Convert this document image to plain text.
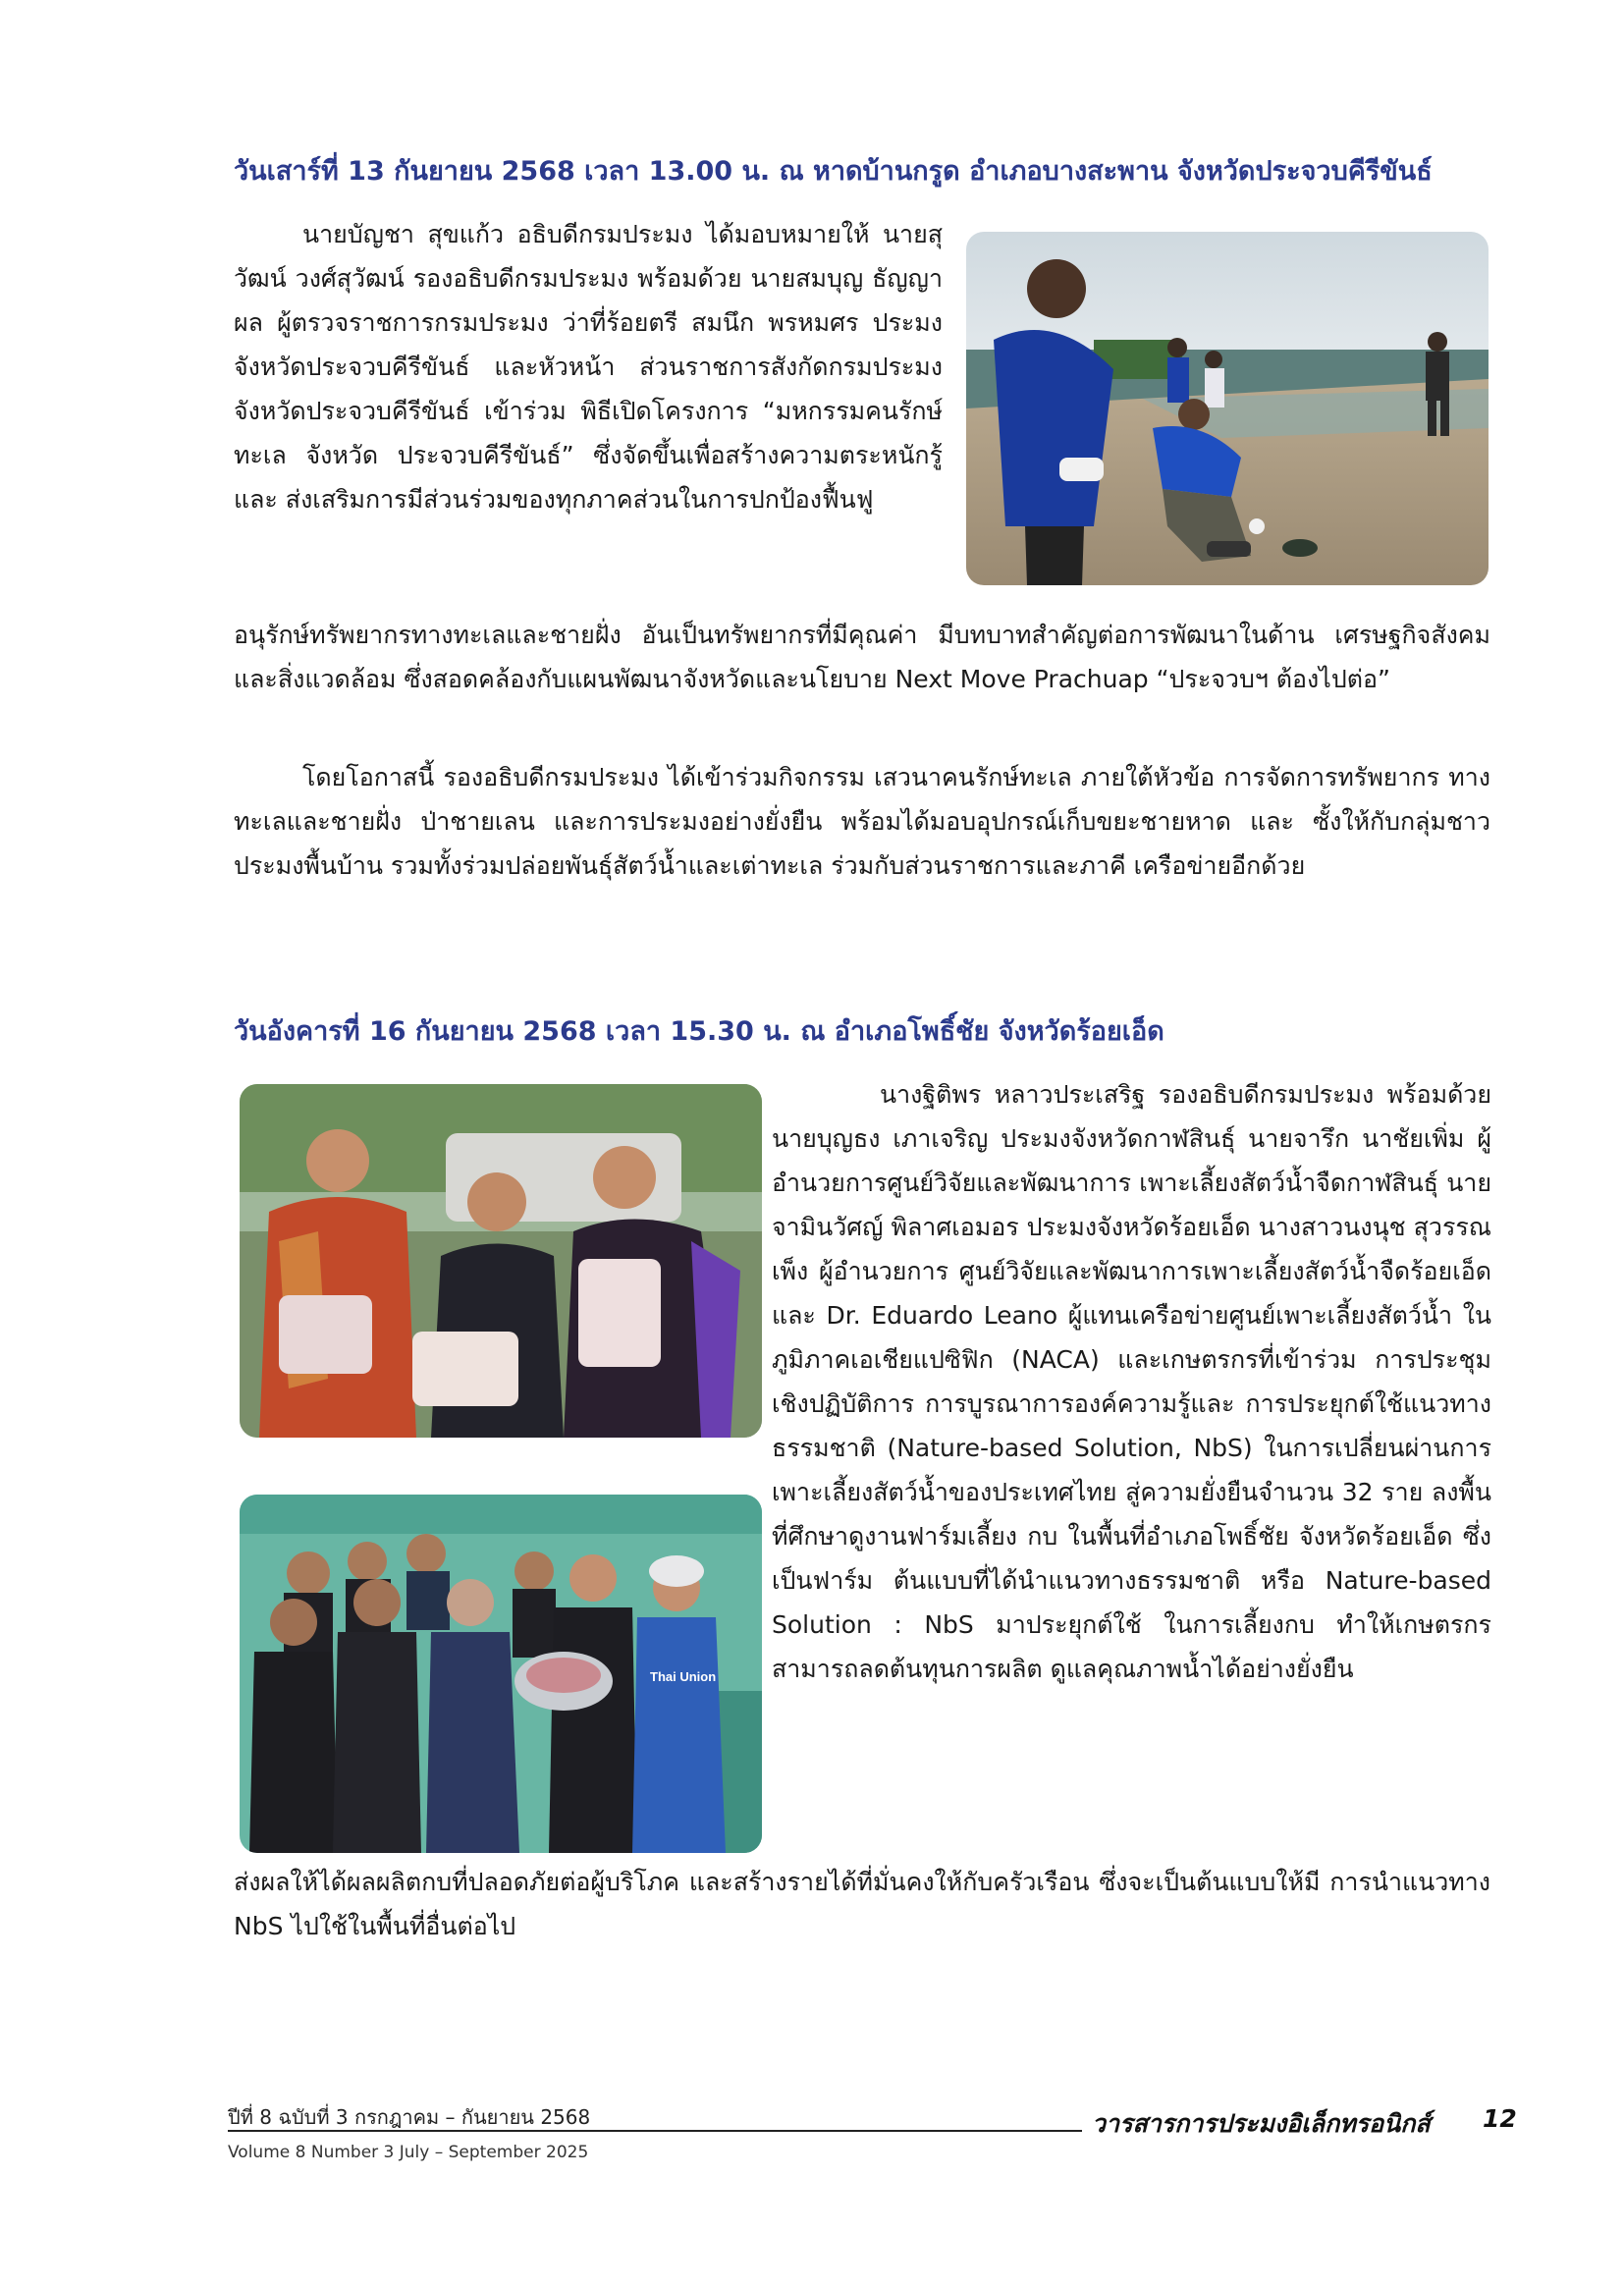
วันเสาร์ที่ 13 กันยายน 2568 เวลา 13.00 น. ณ หาดบ้านกรูด อำเภอบางสะพาน จังหวัดประจวบคีรีขันธ์

นายบัญชา สุขแก้ว อธิบดีกรมประมง ได้มอบหมายให้ นายสุวัฒน์ วงศ์สุวัฒน์ รองอธิบดีกรมประมง พร้อมด้วย นายสมบุญ ธัญญาผล ผู้ตรวจราชการกรมประมง ว่าที่ร้อยตรี สมนึก พรหมศร ประมงจังหวัดประจวบคีรีขันธ์ และหัวหน้า ส่วนราชการสังกัดกรมประมงจังหวัดประจวบคีรีขันธ์ เข้าร่วม พิธีเปิดโครงการ “มหกรรมคนรักษ์ทะเล จังหวัด ประจวบคีรีขันธ์” ซึ่งจัดขึ้นเพื่อสร้างความตระหนักรู้ และ ส่งเสริมการมีส่วนร่วมของทุกภาคส่วนในการปกป้องฟื้นฟู

อนุรักษ์ทรัพยากรทางทะเลและชายฝั่ง อันเป็นทรัพยากรที่มีคุณค่า มีบทบาทสำคัญต่อการพัฒนาในด้าน เศรษฐกิจสังคม และสิ่งแวดล้อม ซึ่งสอดคล้องกับแผนพัฒนาจังหวัดและนโยบาย Next Move Prachuap “ประจวบฯ ต้องไปต่อ”

โดยโอกาสนี้ รองอธิบดีกรมประมง ได้เข้าร่วมกิจกรรม เสวนาคนรักษ์ทะเล ภายใต้หัวข้อ การจัดการทรัพยากร ทางทะเลและชายฝั่ง ป่าชายเลน และการประมงอย่างยั่งยืน พร้อมได้มอบอุปกรณ์เก็บขยะชายหาด และ ซั้งให้กับกลุ่มชาวประมงพื้นบ้าน รวมทั้งร่วมปล่อยพันธุ์สัตว์น้ำและเต่าทะเล ร่วมกับส่วนราชการและภาคี เครือข่ายอีกด้วย

วันอังคารที่ 16 กันยายน 2568 เวลา 15.30 น. ณ อำเภอโพธิ์ชัย จังหวัดร้อยเอ็ด
Thai Union

นางฐิติพร หลาวประเสริฐ รองอธิบดีกรมประมง พร้อมด้วย นายบุญธง เภาเจริญ ประมงจังหวัดกาฬสินธุ์ นายจารึก นาชัยเพิ่ม ผู้อำนวยการศูนย์วิจัยและพัฒนาการ เพาะเลี้ยงสัตว์น้ำจืดกาฬสินธุ์ นายจามินวัศญ์ พิลาศเอมอร ประมงจังหวัดร้อยเอ็ด นางสาวนงนุช สุวรรณเพ็ง ผู้อำนวยการ ศูนย์วิจัยและพัฒนาการเพาะเลี้ยงสัตว์น้ำจืดร้อยเอ็ด และ Dr. Eduardo Leano ผู้แทนเครือข่ายศูนย์เพาะเลี้ยงสัตว์น้ำ ในภูมิภาคเอเชียแปซิฟิก (NACA) และเกษตรกรที่เข้าร่วม การประชุมเชิงปฏิบัติการ การบูรณาการองค์ความรู้และ การประยุกต์ใช้แนวทางธรรมชาติ (Nature-based Solution, NbS) ในการเปลี่ยนผ่านการเพาะเลี้ยงสัตว์น้ำของประเทศไทย สู่ความยั่งยืนจำนวน 32 ราย ลงพื้นที่ศึกษาดูงานฟาร์มเลี้ยง กบ ในพื้นที่อำเภอโพธิ์ชัย จังหวัดร้อยเอ็ด ซึ่งเป็นฟาร์ม ต้นแบบที่ได้นำแนวทางธรรมชาติ หรือ Nature-based Solution : NbS มาประยุกต์ใช้ ในการเลี้ยงกบ ทำให้เกษตรกร สามารถลดต้นทุนการผลิต ดูแลคุณภาพน้ำได้อย่างยั่งยืน

ส่งผลให้ได้ผลผลิตกบที่ปลอดภัยต่อผู้บริโภค และสร้างรายได้ที่มั่นคงให้กับครัวเรือน ซึ่งจะเป็นต้นแบบให้มี การนำแนวทาง NbS ไปใช้ในพื้นที่อื่นต่อไป

ปีที่ 8 ฉบับที่ 3 กรกฎาคม – กันยายน 2568
Volume 8 Number 3 July – September 2025
วารสารการประมงอิเล็กทรอนิกส์ 12
